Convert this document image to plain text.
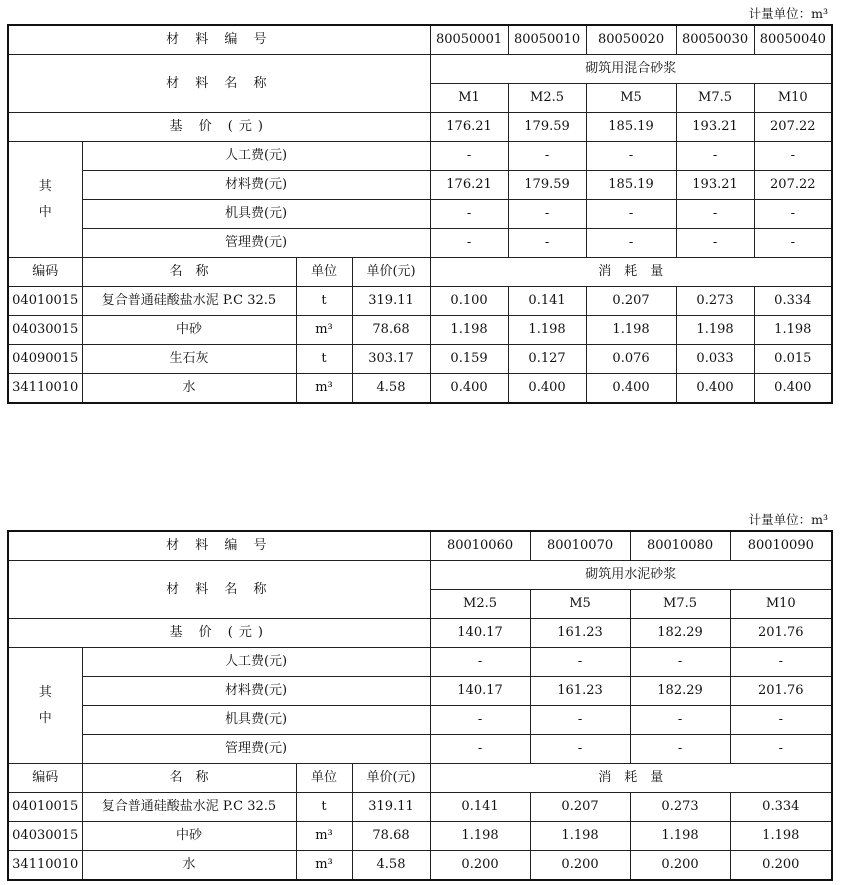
计量单位：m³
材 料 编 号				80050001	80050010	80050020	80050030	80050040
材 料 名 称				砌筑用混合砂浆				
				M1	M2.5	M5	M7.5	M10
基 价 (元)				176.21	179.59	185.19	193.21	207.22
其
中	人工费(元)			-	-	-	-	-
	材料费(元)			176.21	179.59	185.19	193.21	207.22
	机具费(元)			-	-	-	-	-
	管理费(元)			-	-	-	-	-
编码	名　称	单位	单价(元)	消　耗　量				
04010015	复合普通硅酸盐水泥 P.C 32.5	t	319.11	0.100	0.141	0.207	0.273	0.334
04030015	中砂	m³	78.68	1.198	1.198	1.198	1.198	1.198
04090015	生石灰	t	303.17	0.159	0.127	0.076	0.033	0.015
34110010	水	m³	4.58	0.400	0.400	0.400	0.400	0.400
计量单位：m³
材 料 编 号				80010060	80010070	80010080	80010090
材 料 名 称				砌筑用水泥砂浆			
				M2.5	M5	M7.5	M10
基 价 (元)				140.17	161.23	182.29	201.76
其
中	人工费(元)			-	-	-	-
	材料费(元)			140.17	161.23	182.29	201.76
	机具费(元)			-	-	-	-
	管理费(元)			-	-	-	-
编码	名　称	单位	单价(元)	消　耗　量			
04010015	复合普通硅酸盐水泥 P.C 32.5	t	319.11	0.141	0.207	0.273	0.334
04030015	中砂	m³	78.68	1.198	1.198	1.198	1.198
34110010	水	m³	4.58	0.200	0.200	0.200	0.200
